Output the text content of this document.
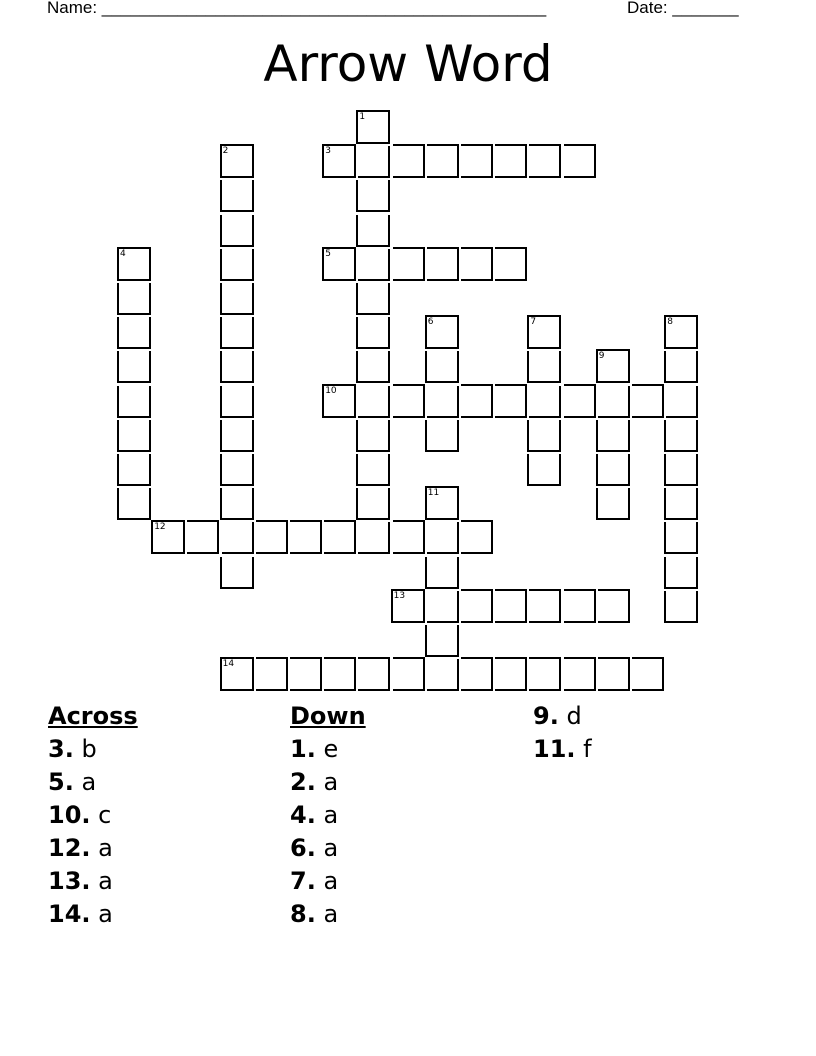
Name: _______________________________________________	Date: _______
Arrow Word
1
2	3
4	5
6	7	8
9
10
11
12
13
14
Across
3. b
5. a
10. c
12. a
13. a
14. a
Down
1. e
2. a
4. a
6. a
7. a
8. a
9. d
11. f
